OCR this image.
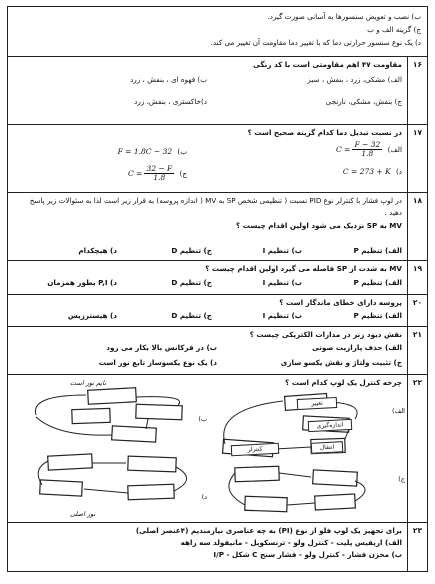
ب) نصب و تعویض سنسورها به آسانی صورت گیرد.
ج) گزینه الف و ب
د) یک نوع سنسور حرارتی دما که با تغییر دما مقاومت آن تغییر می کند.
۱۶
مقاومت ۴۷ اهم مقاومتی است با کد رنگی
الف) مشکی، زرد ، بنفش ، سبز
ب) قهوه ای ، بنفش ، زرد
ج) بنفش، مشکی، نارنجی
د)خاکستری ، بنفش، زرد
۱۷
در نسبت تبدیل دما کدام گزینه صحیح است ؟
الف)
$C = \frac{F - 32}{1.8}$
ب) F = 1.8C − 32
د) C = 273 + K
ج)
$C = \frac{32 - F}{1.8}$
۱۸
در لوپ فشار با کنترلر نوع PID نسبت ( تنظیمی شخص SP به MV ( اندازه پروسه) به قرار زیر است لذا به سئوالات زیر پاسخ
دهید .
MV به SP نزدیک می شود اولین اقدام چیست ؟
الف) تنظیم P
ب) تنظیم I
ج) تنظیم D
د) هیچکدام
۱۹
MV به شدت از SP فاصله می گیرد اولین اقدام چیست ؟
الف) تنظیم P
ب) تنظیم I
ج) تنظیم D
د) P,I بطور همزمان
۲۰
پروسه دارای خطای ماندگار است ؟
الف) تنظیم P
ب) تنظیم I
ج) تنظیم D
د) هیسترزیس
۲۱
نقش دیود زنر در مدارات الکتریکی چیست ؟
الف) حذف پارازیت صوتی
ب) در فرکانس بالا بکار می رود
ج) تثبیت ولتاژ و نقش یکسو سازی
د) یک نوع یکسوساز تابع نور است
۲۲
چرخه کنترل یک لوپ کدام است ؟
الف)
ب)
ج)
د)
تایم نور است
نور اصلی
تغییر
اندازه‌گیری
انتقال
کنترلر
۲۳
برای تجهیز یک لوپ فلو از نوع (PI) به چه عناصری نیازمندیم (۴عنصر اصلی)
الف) اریفیس پلیت - کنترل ولو - ترنسکوپل - مانیفولد سه راهه
ب) مخزن فشار - کنترل ولو - فشار سنج C شکل - I/P
